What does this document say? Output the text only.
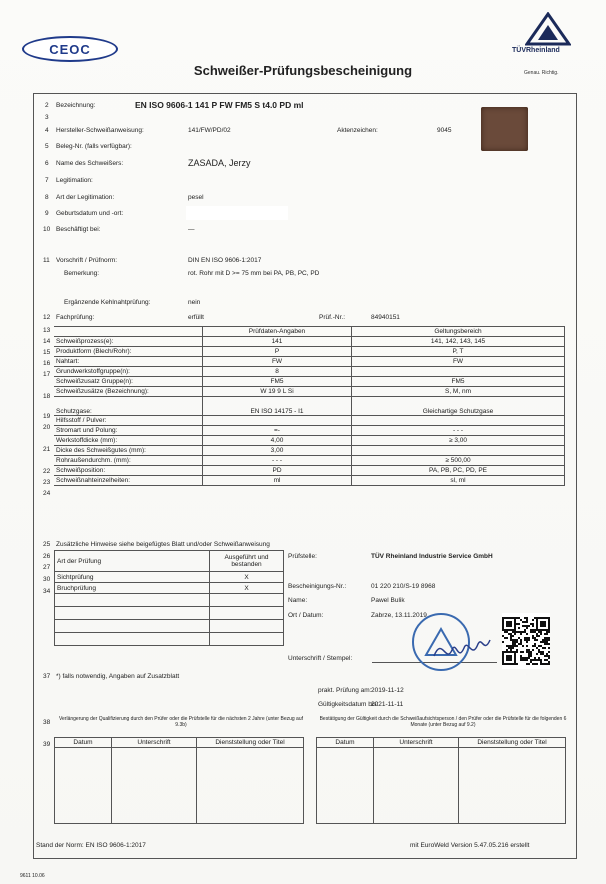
CEOC
Schweißer-Prüfungsbescheinigung
TÜVRheinland
Genau. Richtig.
2 Bezeichnung:	EN ISO 9606-1 141 P FW FM5 S t4.0 PD ml
3
4 Hersteller-Schweißanweisung:	141/FW/PD/02	Aktenzeichen:	9045
5 Beleg-Nr. (falls verfügbar):
6 Name des Schweißers:	ZASADA, Jerzy
7 Legitimation:
8 Art der Legitimation:	pesel
9 Geburtsdatum und -ort:
10 Beschäftigt bei:	—
11 Vorschrift / Prüfnorm:	DIN EN ISO 9606-1:2017
Bemerkung:	rot. Rohr mit D >= 75 mm bei PA, PB, PC, PD
Ergänzende Kehlnahtprüfung:	nein
12 Fachprüfung:	erfüllt	Prüf.-Nr.:	84940151
	Prüfdaten-Angaben	Geltungsbereich
Schweißprozess(e):	141	141, 142, 143, 145
Produktform (Blech/Rohr):	P	P, T
Nahtart:	FW	FW
Grundwerkstoffgruppe(n):	8	
Schweißzusatz Gruppe(n):	FM5	FM5
Schweißzusätze (Bezeichnung):	W 19 9 L Si	S, M, nm
Schutzgase:	EN ISO 14175 - I1	Gleichartige Schutzgase
Hilfsstoff / Pulver:		
Stromart und Polung:	=-	- - -
Werkstoffdicke (mm):	4,00	≥ 3,00
Dicke des Schweißgutes (mm):	3,00	
Rohraußendurchm. (mm):	- - -	≥ 500,00
Schweißposition:	PD	PA, PB, PC, PD, PE
Schweißnahteinzelheiten:	ml	sl, ml
13
14
15
16
17
18
19
20
21
22
23
24
25 Zusätzliche Hinweise siehe beigefügtes Blatt und/oder Schweißanweisung
26
27
Art der Prüfung	Ausgeführt und bestanden
Sichtprüfung	X
Bruchprüfung	X

30
34
Prüfstelle:	TÜV Rheinland Industrie Service GmbH
Bescheinigungs-Nr.:	01 220 210/S-19 8968
Name:	Pawel Bulik
Ort / Datum:	Zabrze, 13.11.2019
Unterschrift / Stempel:
37 *) falls notwendig, Angaben auf Zusatzblatt
prakt. Prüfung am: 2019-11-12
Gültigkeitsdatum bis:
2021-11-11
38	Verlängerung der Qualifizierung durch den Prüfer oder die Prüfstelle für die nächsten 2 Jahre (unter Bezug auf 9.3b)
Bestätigung der Gültigkeit durch die Schweißaufsichtsperson / den Prüfer oder die Prüfstelle für die folgenden 6 Monate (unter Bezug auf 9.2)
39	Datum	Unterschrift	Dienststellung oder Titel
			Datum	Unterschrift	Dienststellung oder Titel

Stand der Norm: EN ISO 9606-1:2017	mit EuroWeld Version 5.47.05.216 erstellt
9611 10.06
